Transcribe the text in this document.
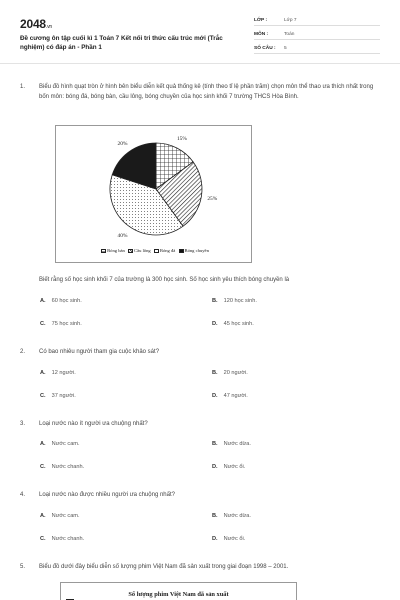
2048.vn
Đề cương ôn tập cuối kì 1 Toán 7 Kết nối tri thức cấu trúc mới (Trắc nghiệm) có đáp án - Phần 1
LỚP :	Lớp 7
MÔN :	Toán
SỐ CÂU : 5
1. Biểu đồ hình quạt tròn ở hình bên biểu diễn kết quả thống kê (tính theo tỉ lệ phần trăm) chọn môn thể thao ưa thích nhất trong bốn môn: bóng đá, bóng bàn, cầu lông, bóng chuyền của học sinh khối 7 trường THCS Hòa Bình.
15%
25%
40%
20%
Bóng bàn Cầu lông Bóng đá Bóng chuyền
Biết rằng số học sinh khối 7 của trường là 300 học sinh. Số học sinh yêu thích bóng chuyền là
A. 60 học sinh.	B. 120 học sinh.
C. 75 học sinh.	D. 45 học sinh.
2. Có bao nhiêu người tham gia cuộc khảo sát?
A. 12 người.	B. 20 người.
C. 37 người.	D. 47 người.
3. Loại nước nào ít người ưa chuộng nhất?
A. Nước cam.	B. Nước dừa.
C. Nước chanh.	D. Nước ổi.
4. Loại nước nào được nhiều người ưa chuộng nhất?
A. Nước cam.	B. Nước dừa.
C. Nước chanh.	D. Nước ổi.
5. Biểu đồ dưới đây biểu diễn số lượng phim Việt Nam đã sản xuất trong giai đoạn 1998 – 2001.
Số lượng phim Việt Nam đã sản xuất
